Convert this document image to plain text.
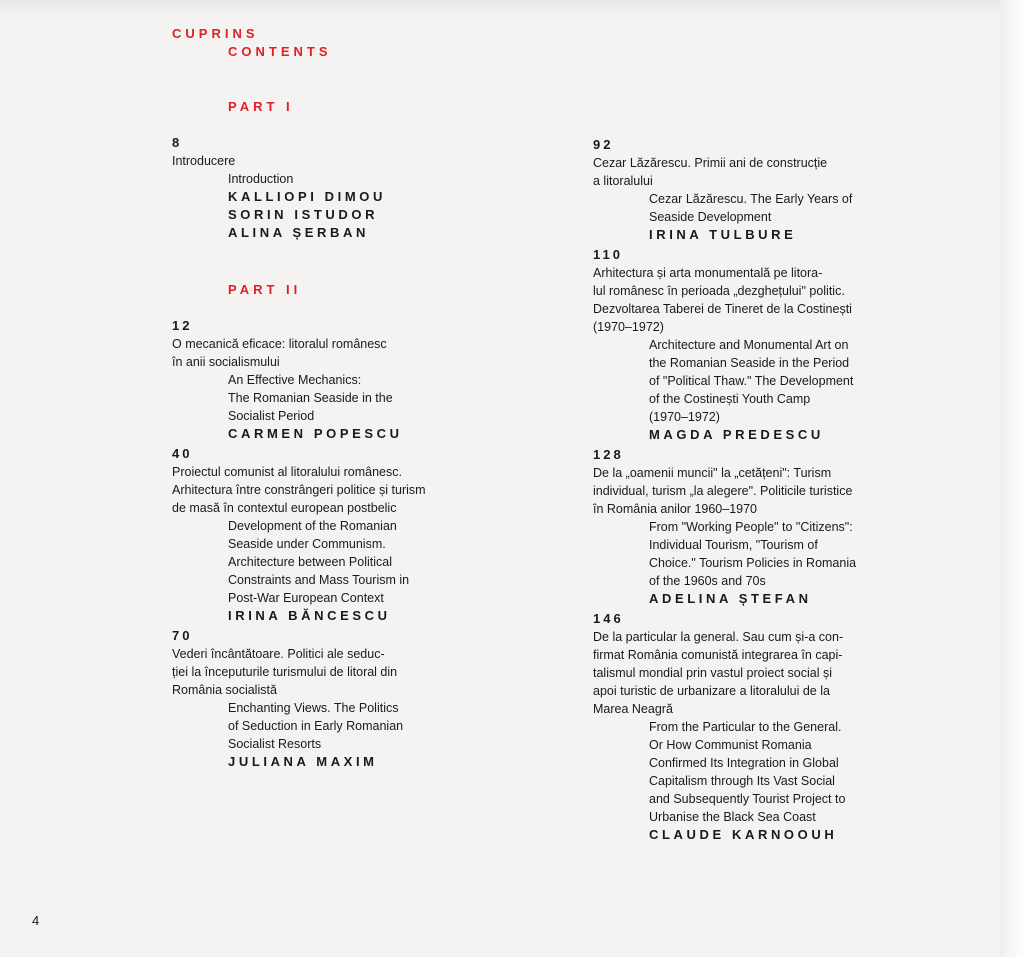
CUPRINS
CONTENTS
PART I
8
Introducere
Introduction
KALLIOPI DIMOU
SORIN ISTUDOR
ALINA ȘERBAN
PART II
12
O mecanică eficace: litoralul românesc
în anii socialismului
An Effective Mechanics:
The Romanian Seaside in the
Socialist Period
CARMEN POPESCU
40
Proiectul comunist al litoralului românesc.
Arhitectura între constrângeri politice și turism
de masă în contextul european postbelic
Development of the Romanian
Seaside under Communism.
Architecture between Political
Constraints and Mass Tourism in
Post-War European Context
IRINA BĂNCESCU
70
Vederi încântătoare. Politici ale seduc-
ției la începuturile turismului de litoral din
România socialistă
Enchanting Views. The Politics
of Seduction in Early Romanian
Socialist Resorts
JULIANA MAXIM
92
Cezar Lăzărescu. Primii ani de construcție
a litoralului
Cezar Lăzărescu. The Early Years of
Seaside Development
IRINA TULBURE
110
Arhitectura și arta monumentală pe litora-
lul românesc în perioada „dezghețului" politic.
Dezvoltarea Taberei de Tineret de la Costinești
(1970–1972)
Architecture and Monumental Art on
the Romanian Seaside in the Period
of "Political Thaw." The Development
of the Costinești Youth Camp
(1970–1972)
MAGDA PREDESCU
128
De la „oamenii muncii" la „cetățeni": Turism
individual, turism „la alegere". Politicile turistice
în România anilor 1960–1970
From "Working People" to "Citizens":
Individual Tourism, "Tourism of
Choice." Tourism Policies in Romania
of the 1960s and 70s
ADELINA ȘTEFAN
146
De la particular la general. Sau cum și-a con-
firmat România comunistă integrarea în capi-
talismul mondial prin vastul proiect social și
apoi turistic de urbanizare a litoralului de la
Marea Neagră
From the Particular to the General.
Or How Communist Romania
Confirmed Its Integration in Global
Capitalism through Its Vast Social
and Subsequently Tourist Project to
Urbanise the Black Sea Coast
CLAUDE KARNOOUH
4
